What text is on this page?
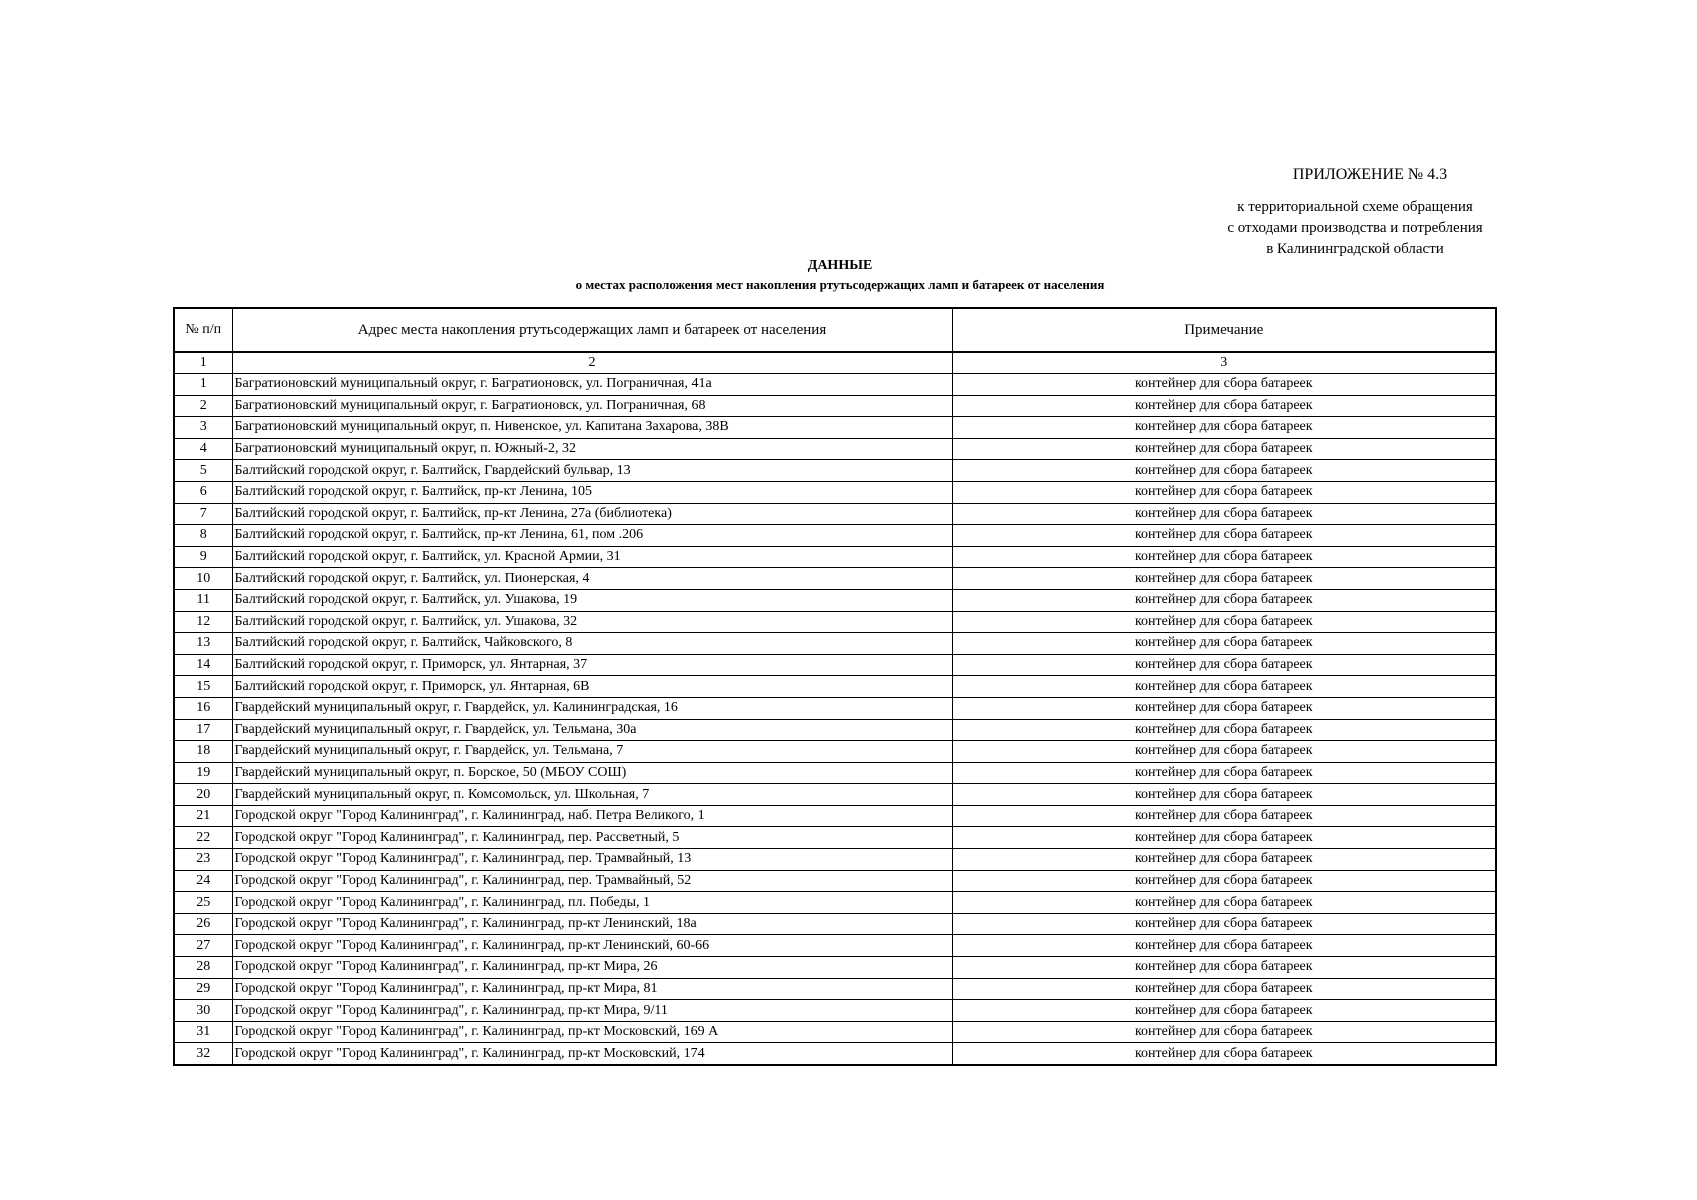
ПРИЛОЖЕНИЕ № 4.3
к территориальной схеме обращения
с отходами производства и потребления
в Калининградской области
ДАННЫЕ
о местах расположения мест накопления ртутьсодержащих ламп и батареек от населения
№ п/п	Адрес места накопления ртутьсодержащих ламп и батареек от населения	Примечание
1	2	3
1	Багратионовский муниципальный округ, г. Багратионовск, ул. Пограничная, 41а	контейнер для сбора батареек
2	Багратионовский муниципальный округ, г. Багратионовск, ул. Пограничная, 68	контейнер для сбора батареек
3	Багратионовский муниципальный округ, п. Нивенское, ул. Капитана Захарова, 38В	контейнер для сбора батареек
4	Багратионовский муниципальный округ, п. Южный-2, 32	контейнер для сбора батареек
5	Балтийский городской округ, г. Балтийск, Гвардейский бульвар, 13	контейнер для сбора батареек
6	Балтийский городской округ, г. Балтийск, пр-кт Ленина, 105	контейнер для сбора батареек
7	Балтийский городской округ, г. Балтийск, пр-кт Ленина, 27а (библиотека)	контейнер для сбора батареек
8	Балтийский городской округ, г. Балтийск, пр-кт Ленина, 61, пом .206	контейнер для сбора батареек
9	Балтийский городской округ, г. Балтийск, ул. Красной Армии, 31	контейнер для сбора батареек
10	Балтийский городской округ, г. Балтийск, ул. Пионерская, 4	контейнер для сбора батареек
11	Балтийский городской округ, г. Балтийск, ул. Ушакова, 19	контейнер для сбора батареек
12	Балтийский городской округ, г. Балтийск, ул. Ушакова, 32	контейнер для сбора батареек
13	Балтийский городской округ, г. Балтийск, Чайковского, 8	контейнер для сбора батареек
14	Балтийский городской округ, г. Приморск, ул. Янтарная, 37	контейнер для сбора батареек
15	Балтийский городской округ, г. Приморск, ул. Янтарная, 6В	контейнер для сбора батареек
16	Гвардейский муниципальный округ, г. Гвардейск, ул. Калининградская, 16	контейнер для сбора батареек
17	Гвардейский муниципальный округ, г. Гвардейск, ул. Тельмана, 30а	контейнер для сбора батареек
18	Гвардейский муниципальный округ, г. Гвардейск, ул. Тельмана, 7	контейнер для сбора батареек
19	Гвардейский муниципальный округ, п. Борское, 50 (МБОУ СОШ)	контейнер для сбора батареек
20	Гвардейский муниципальный округ, п. Комсомольск, ул. Школьная, 7	контейнер для сбора батареек
21	Городской округ "Город Калининград", г. Калининград, наб. Петра Великого, 1	контейнер для сбора батареек
22	Городской округ "Город Калининград", г. Калининград, пер. Рассветный, 5	контейнер для сбора батареек
23	Городской округ "Город Калининград", г. Калининград, пер. Трамвайный, 13	контейнер для сбора батареек
24	Городской округ "Город Калининград", г. Калининград, пер. Трамвайный, 52	контейнер для сбора батареек
25	Городской округ "Город Калининград", г. Калининград, пл. Победы, 1	контейнер для сбора батареек
26	Городской округ "Город Калининград", г. Калининград, пр-кт Ленинский, 18а	контейнер для сбора батареек
27	Городской округ "Город Калининград", г. Калининград, пр-кт Ленинский, 60-66	контейнер для сбора батареек
28	Городской округ "Город Калининград", г. Калининград, пр-кт Мира, 26	контейнер для сбора батареек
29	Городской округ "Город Калининград", г. Калининград, пр-кт Мира, 81	контейнер для сбора батареек
30	Городской округ "Город Калининград", г. Калининград, пр-кт Мира, 9/11	контейнер для сбора батареек
31	Городской округ "Город Калининград", г. Калининград, пр-кт Московский, 169 А	контейнер для сбора батареек
32	Городской округ "Город Калининград", г. Калининград, пр-кт Московский, 174	контейнер для сбора батареек
